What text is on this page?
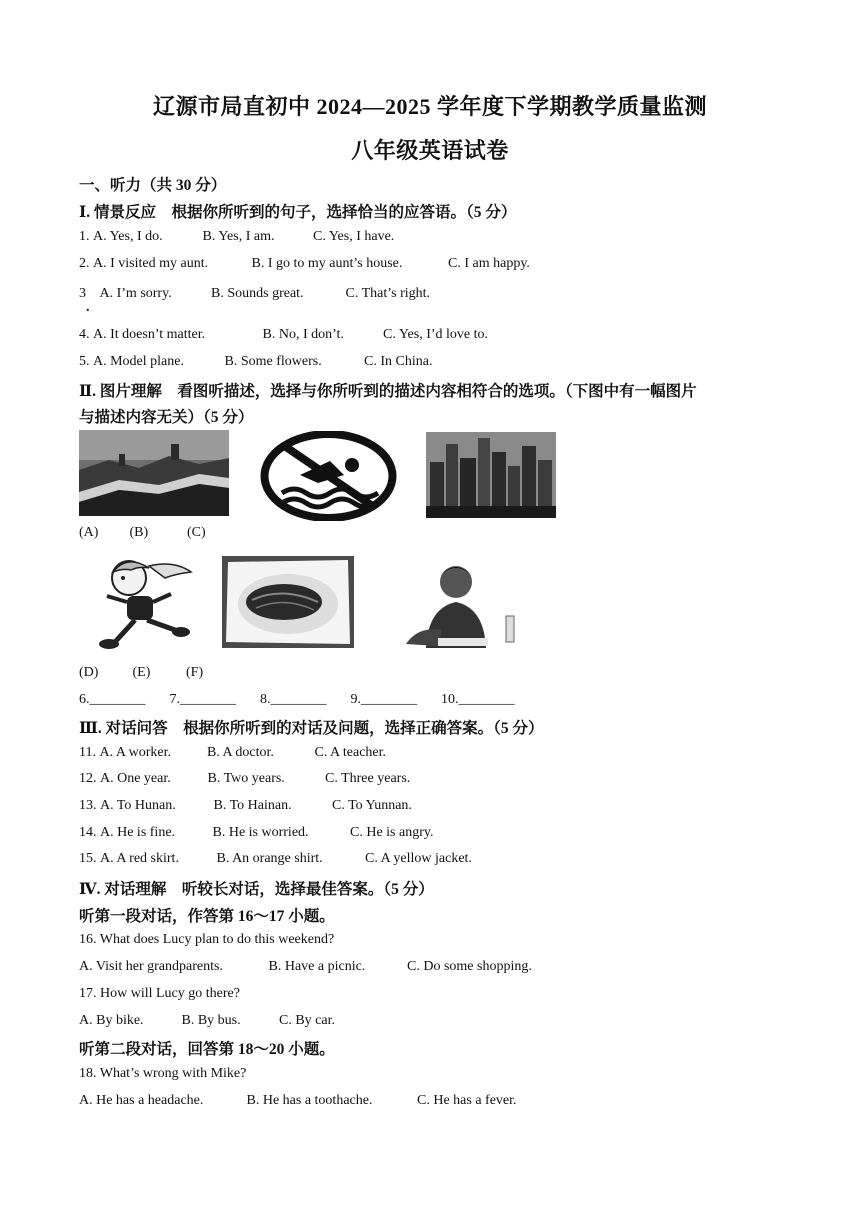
辽源市局直初中 2024—2025 学年度下学期教学质量监测
八年级英语试卷
一、听力（共 30 分）
Ⅰ. 情景反应　根据你所听到的句子，选择恰当的应答语。（5 分）
1. A. Yes, I do.	B. Yes, I am.	C. Yes, I have.
2. A. I visited my aunt.	B. I go to my aunt’s house.	C. I am happy.
3 A. I’m sorry.	B. Sounds great.	C. That’s right.
.
4. A. It doesn’t matter.	B. No, I don’t.	C. Yes, I’d love to.
5. A. Model plane.	B. Some flowers.	C. In China.
Ⅱ. 图片理解　看图听描述，选择与你所听到的描述内容相符合的选项。（下图中有一幅图片
与描述内容无关）（5 分）
(A) (B)	(C)
(D) (E)	(F)
6.________ 7.________ 8.________ 9.________ 10.________
Ⅲ. 对话问答　根据你所听到的对话及问题，选择正确答案。（5 分）
11. A. A worker.	B. A doctor.	C. A teacher.
12. A. One year.	B. Two years.	C. Three years.
13. A. To Hunan.	B. To Hainan.	C. To Yunnan.
14. A. He is fine.	B. He is worried.	C. He is angry.
15. A. A red skirt.	B. An orange shirt.	C. A yellow jacket.
Ⅳ. 对话理解　听较长对话，选择最佳答案。（5 分）
听第一段对话，作答第 16～17 小题。
16. What does Lucy plan to do this weekend?
A. Visit her grandparents.	B. Have a picnic.	C. Do some shopping.
17. How will Lucy go there?
A. By bike.	B. By bus.	C. By car.
听第二段对话，回答第 18～20 小题。
18. What’s wrong with Mike?
A. He has a headache.	B. He has a toothache.	C. He has a fever.
